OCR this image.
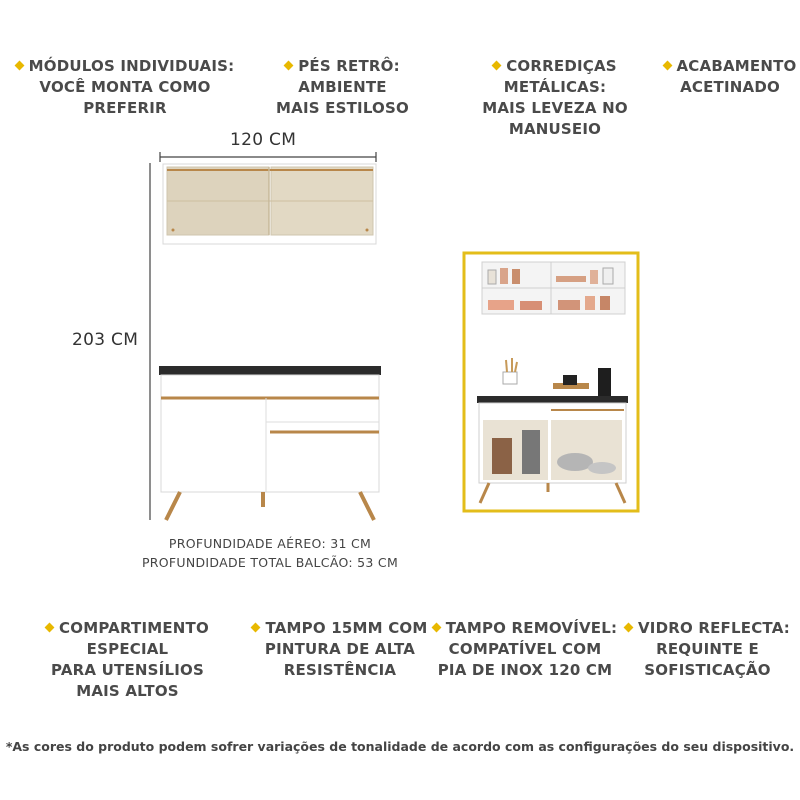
MÓDULOS INDIVIDUAIS:
VOCÊ MONTA COMO PREFERIR
PÉS RETRÔ: AMBIENTE
MAIS ESTILOSO
CORREDIÇAS METÁLICAS:
MAIS LEVEZA NO MANUSEIO
ACABAMENTO
ACETINADO
120 CM
203 CM
PROFUNDIDADE AÉREO: 31 CM
PROFUNDIDADE TOTAL BALCÃO: 53 CM
COMPARTIMENTO ESPECIAL
PARA UTENSÍLIOS
MAIS ALTOS
TAMPO 15MM COM
PINTURA DE ALTA
RESISTÊNCIA
TAMPO REMOVÍVEL:
COMPATÍVEL COM
PIA DE INOX 120 CM
VIDRO REFLECTA:
REQUINTE E
SOFISTICAÇÃO
*As cores do produto podem sofrer variações de tonalidade de acordo com as configurações do seu dispositivo.
